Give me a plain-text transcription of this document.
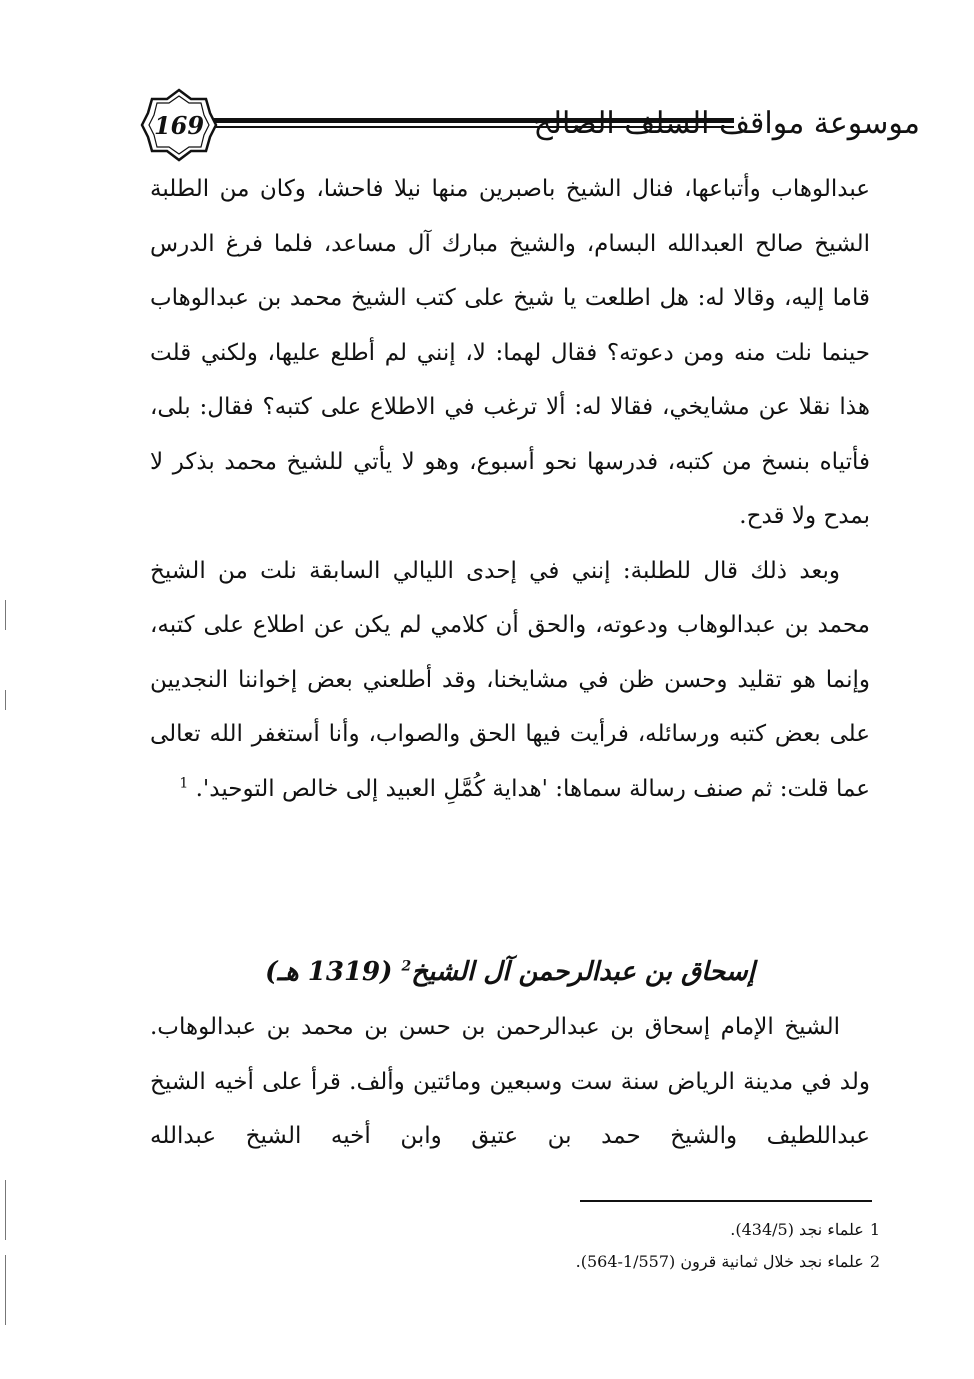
169	موسوعة مواقف السلف الصالح

عبدالوهاب وأتباعها، فنال الشيخ باصبرين منها نيلا فاحشا، وكان من الطلبة الشيخ صالح العبدالله البسام، والشيخ مبارك آل مساعد، فلما فرغ الدرس قاما إليه، وقالا له: هل اطلعت يا شيخ على كتب الشيخ محمد بن عبدالوهاب حينما نلت منه ومن دعوته؟ فقال لهما: لا، إنني لم أطلع عليها، ولكني قلت هذا نقلا عن مشايخي، فقالا له: ألا ترغب في الاطلاع على كتبه؟ فقال: بلى، فأتياه بنسخ من كتبه، فدرسها نحو أسبوع، وهو لا يأتي للشيخ محمد بذكر لا بمدح ولا قدح.

وبعد ذلك قال للطلبة: إنني في إحدى الليالي السابقة نلت من الشيخ محمد بن عبدالوهاب ودعوته، والحق أن كلامي لم يكن عن اطلاع على كتبه، وإنما هو تقليد وحسن ظن في مشايخنا، وقد أطلعني بعض إخواننا النجديين على بعض كتبه ورسائله، فرأيت فيها الحق والصواب، وأنا أستغفر الله تعالى عما قلت: ثم صنف رسالة سماها: 'هداية كُمَّلِ العبيد إلى خالص التوحيد'. $^1$

إسحاق بن عبدالرحمن آل الشيخ$^2$ (1319 هـ)

الشيخ الإمام إسحاق بن عبدالرحمن بن حسن بن محمد بن عبدالوهاب. ولد في مدينة الرياض سنة ست وسبعين ومائتين وألف. قرأ على أخيه الشيخ عبداللطيف والشيخ حمد بن عتيق وابن أخيه الشيخ عبدالله

1علماء نجد (434/5).
2علماء نجد خلال ثمانية قرون (1/557-564).
